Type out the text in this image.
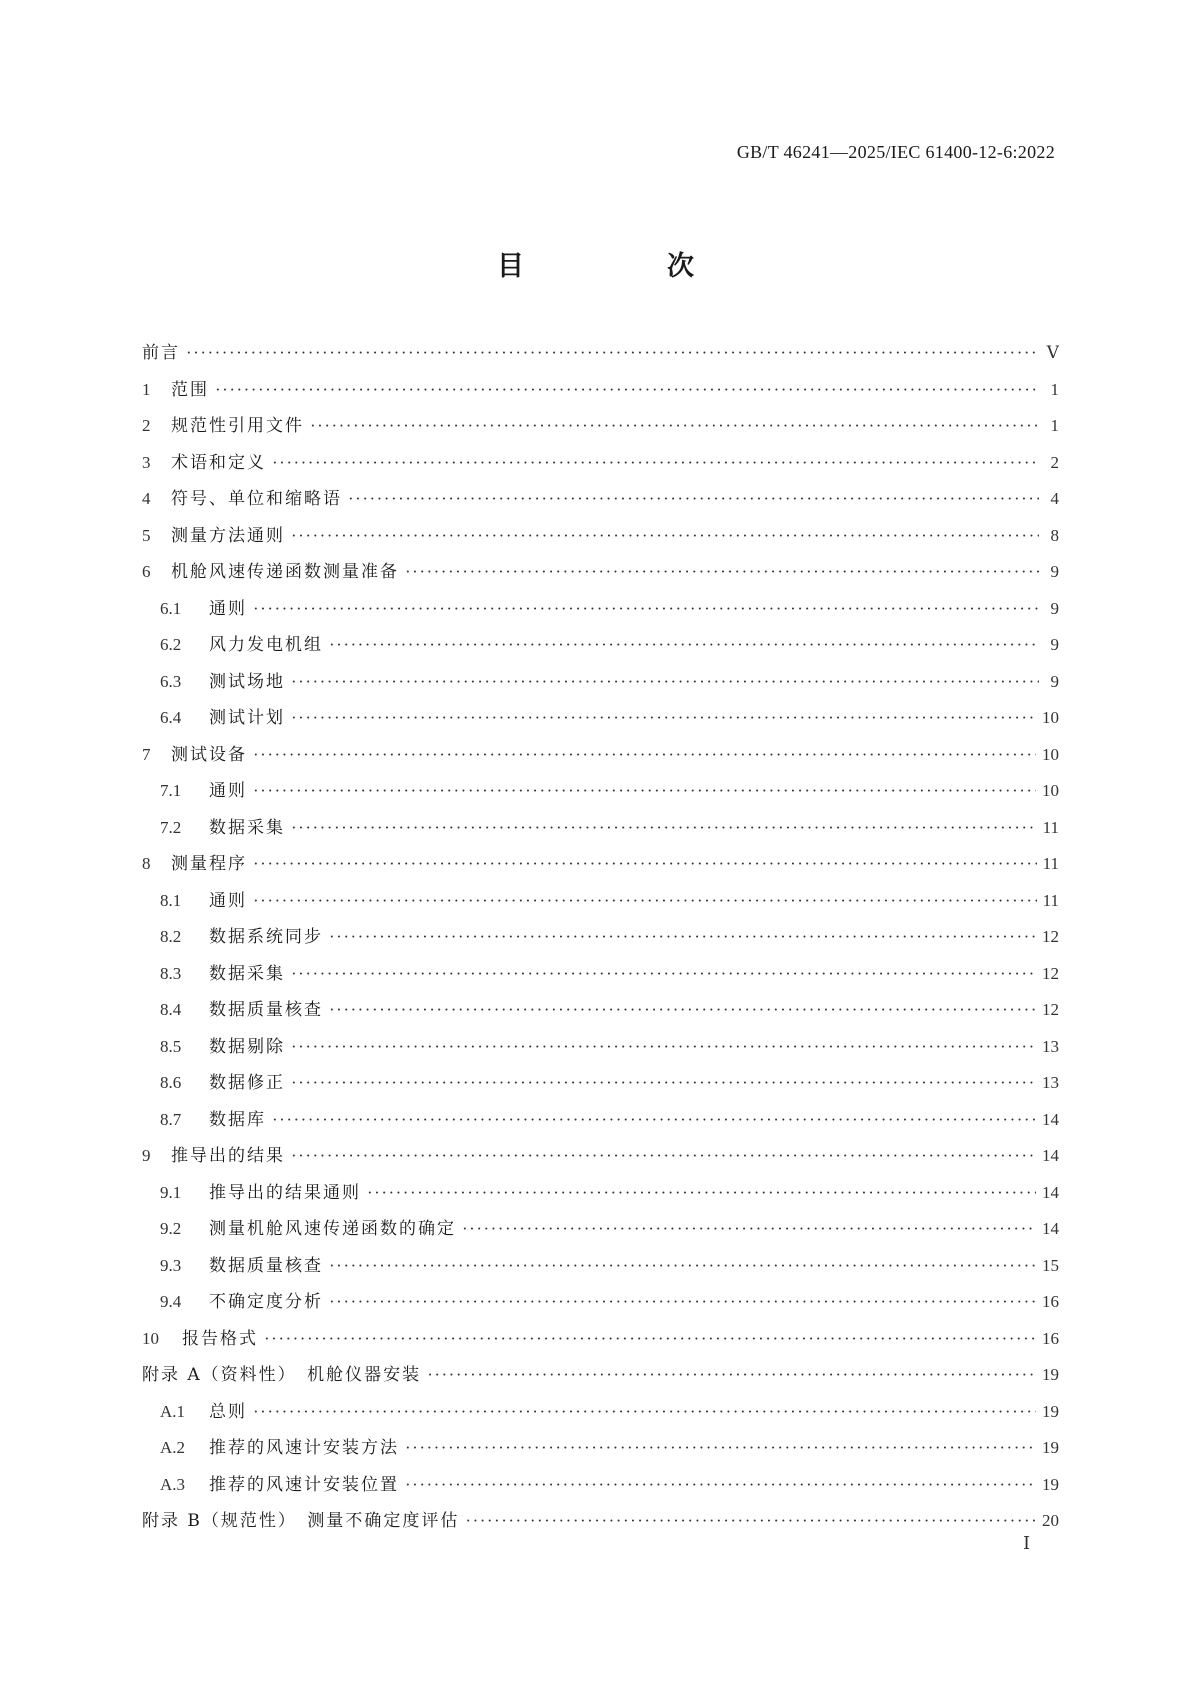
GB/T 46241—2025/IEC 61400-12-6:2022
目　次
前言 ·····	Ⅴ
1	范围 ·····	1
2	规范性引用文件 ·····	1
3	术语和定义 ·····	2
4	符号、单位和缩略语 ·····	4
5	测量方法通则 ·····	8
6	机舱风速传递函数测量准备 ·····	9
6.1	通则 ·····	9
6.2	风力发电机组 ·····	9
6.3	测试场地 ·····	9
6.4	测试计划 ·····	10
7	测试设备 ·····	10
7.1	通则 ·····	10
7.2	数据采集 ·····	11
8	测量程序 ·····	11
8.1	通则 ·····	11
8.2	数据系统同步 ·····	12
8.3	数据采集 ·····	12
8.4	数据质量核查 ·····	12
8.5	数据剔除 ·····	13
8.6	数据修正 ·····	13
8.7	数据库 ·····	14
9	推导出的结果 ·····	14
9.1	推导出的结果通则 ·····	14
9.2	测量机舱风速传递函数的确定 ·····	14
9.3	数据质量核查 ·····	15
9.4	不确定度分析 ·····	16
10	报告格式 ·····	16
附录 A（资料性）　机舱仪器安装 ·····	19
A.1	总则 ·····	19
A.2	推荐的风速计安装方法 ·····	19
A.3	推荐的风速计安装位置 ·····	19
附录 B（规范性）　测量不确定度评估 ·····	20
Ⅰ
